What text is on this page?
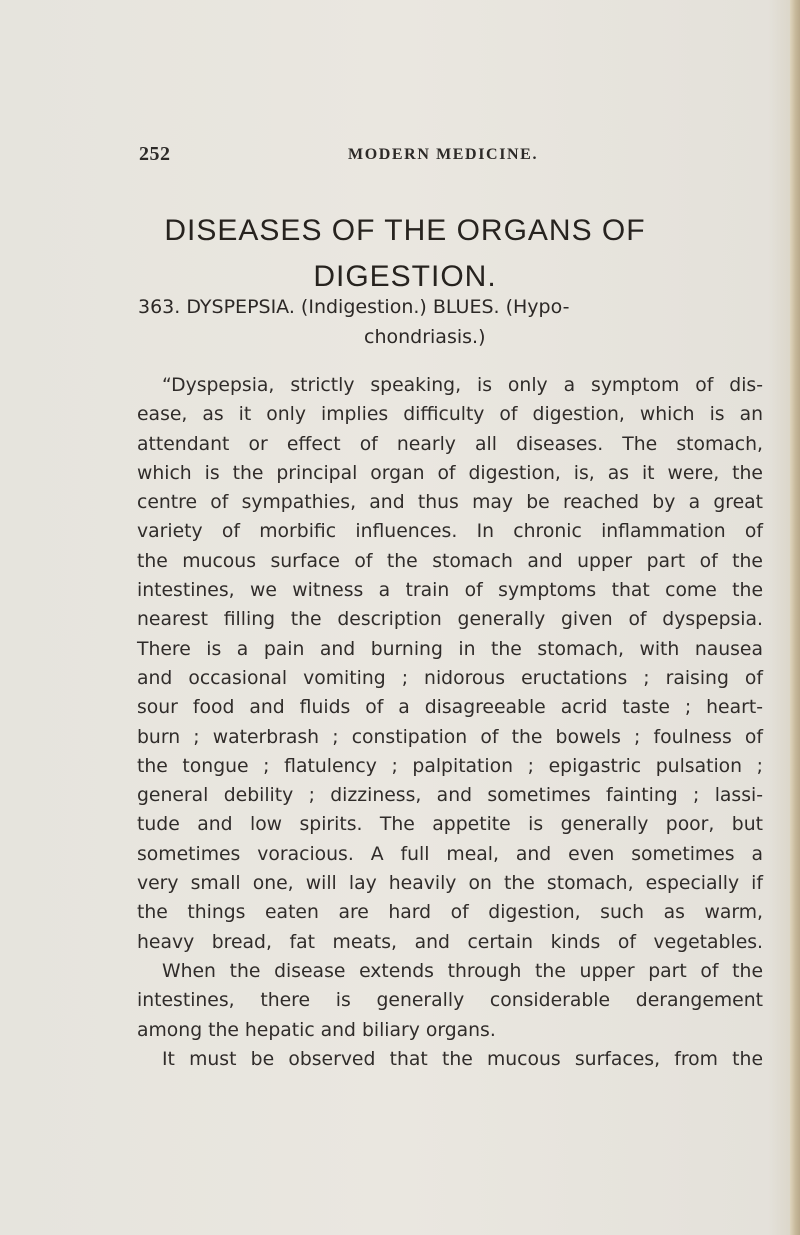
252	MODERN MEDICINE.
DISEASES OF THE ORGANS OF
DIGESTION.
363. DYSPEPSIA. (Indigestion.) BLUES. (Hypo-
chondriasis.)
“Dyspepsia, strictly speaking, is only a symptom of dis-
ease, as it only implies difficulty of digestion, which is an
attendant or effect of nearly all diseases. The stomach,
which is the principal organ of digestion, is, as it were, the
centre of sympathies, and thus may be reached by a great
variety of morbific influences. In chronic inflammation of
the mucous surface of the stomach and upper part of the
intestines, we witness a train of symptoms that come the
nearest filling the description generally given of dyspepsia.
There is a pain and burning in the stomach, with nausea
and occasional vomiting ; nidorous eructations ; raising of
sour food and fluids of a disagreeable acrid taste ; heart-
burn ; waterbrash ; constipation of the bowels ; foulness of
the tongue ; flatulency ; palpitation ; epigastric pulsation ;
general debility ; dizziness, and sometimes fainting ; lassi-
tude and low spirits. The appetite is generally poor, but
sometimes voracious. A full meal, and even sometimes a
very small one, will lay heavily on the stomach, especially if
the things eaten are hard of digestion, such as warm,
heavy bread, fat meats, and certain kinds of vegetables.
When the disease extends through the upper part of the
intestines, there is generally considerable derangement
among the hepatic and biliary organs.
It must be observed that the mucous surfaces, from the
